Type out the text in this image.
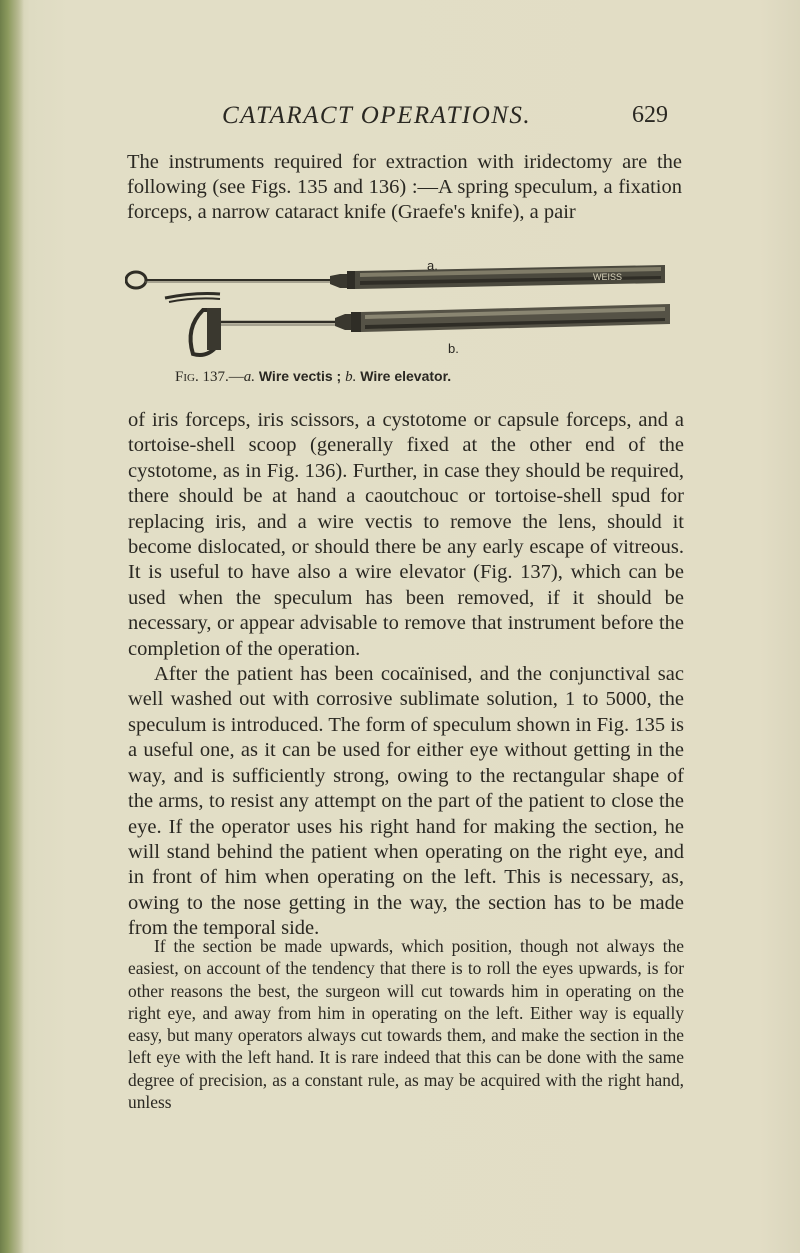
CATARACT OPERATIONS.	629

The instruments required for extraction with iridectomy are the following (see Figs. 135 and 136) :—A spring speculum, a fixation forceps, a narrow cataract knife (Graefe's knife), a pair

WEISS
a.
b.
Fig. 137.—a. Wire vectis ; b. Wire elevator.

of iris forceps, iris scissors, a cystotome or capsule forceps, and a tortoise-shell scoop (generally fixed at the other end of the cystotome, as in Fig. 136). Further, in case they should be required, there should be at hand a caoutchouc or tortoise-shell spud for replacing iris, and a wire vectis to remove the lens, should it become dislocated, or should there be any early escape of vitreous. It is useful to have also a wire elevator (Fig. 137), which can be used when the speculum has been removed, if it should be necessary, or appear advisable to remove that instrument before the completion of the operation.

After the patient has been cocaïnised, and the conjunctival sac well washed out with corrosive sublimate solution, 1 to 5000, the speculum is introduced. The form of speculum shown in Fig. 135 is a useful one, as it can be used for either eye without getting in the way, and is sufficiently strong, owing to the rectangular shape of the arms, to resist any attempt on the part of the patient to close the eye. If the operator uses his right hand for making the section, he will stand behind the patient when operating on the right eye, and in front of him when operating on the left. This is necessary, as, owing to the nose getting in the way, the section has to be made from the temporal side.

If the section be made upwards, which position, though not always the easiest, on account of the tendency that there is to roll the eyes upwards, is for other reasons the best, the surgeon will cut towards him in operating on the right eye, and away from him in operating on the left. Either way is equally easy, but many operators always cut towards them, and make the section in the left eye with the left hand. It is rare indeed that this can be done with the same degree of precision, as a constant rule, as may be acquired with the right hand, unless
